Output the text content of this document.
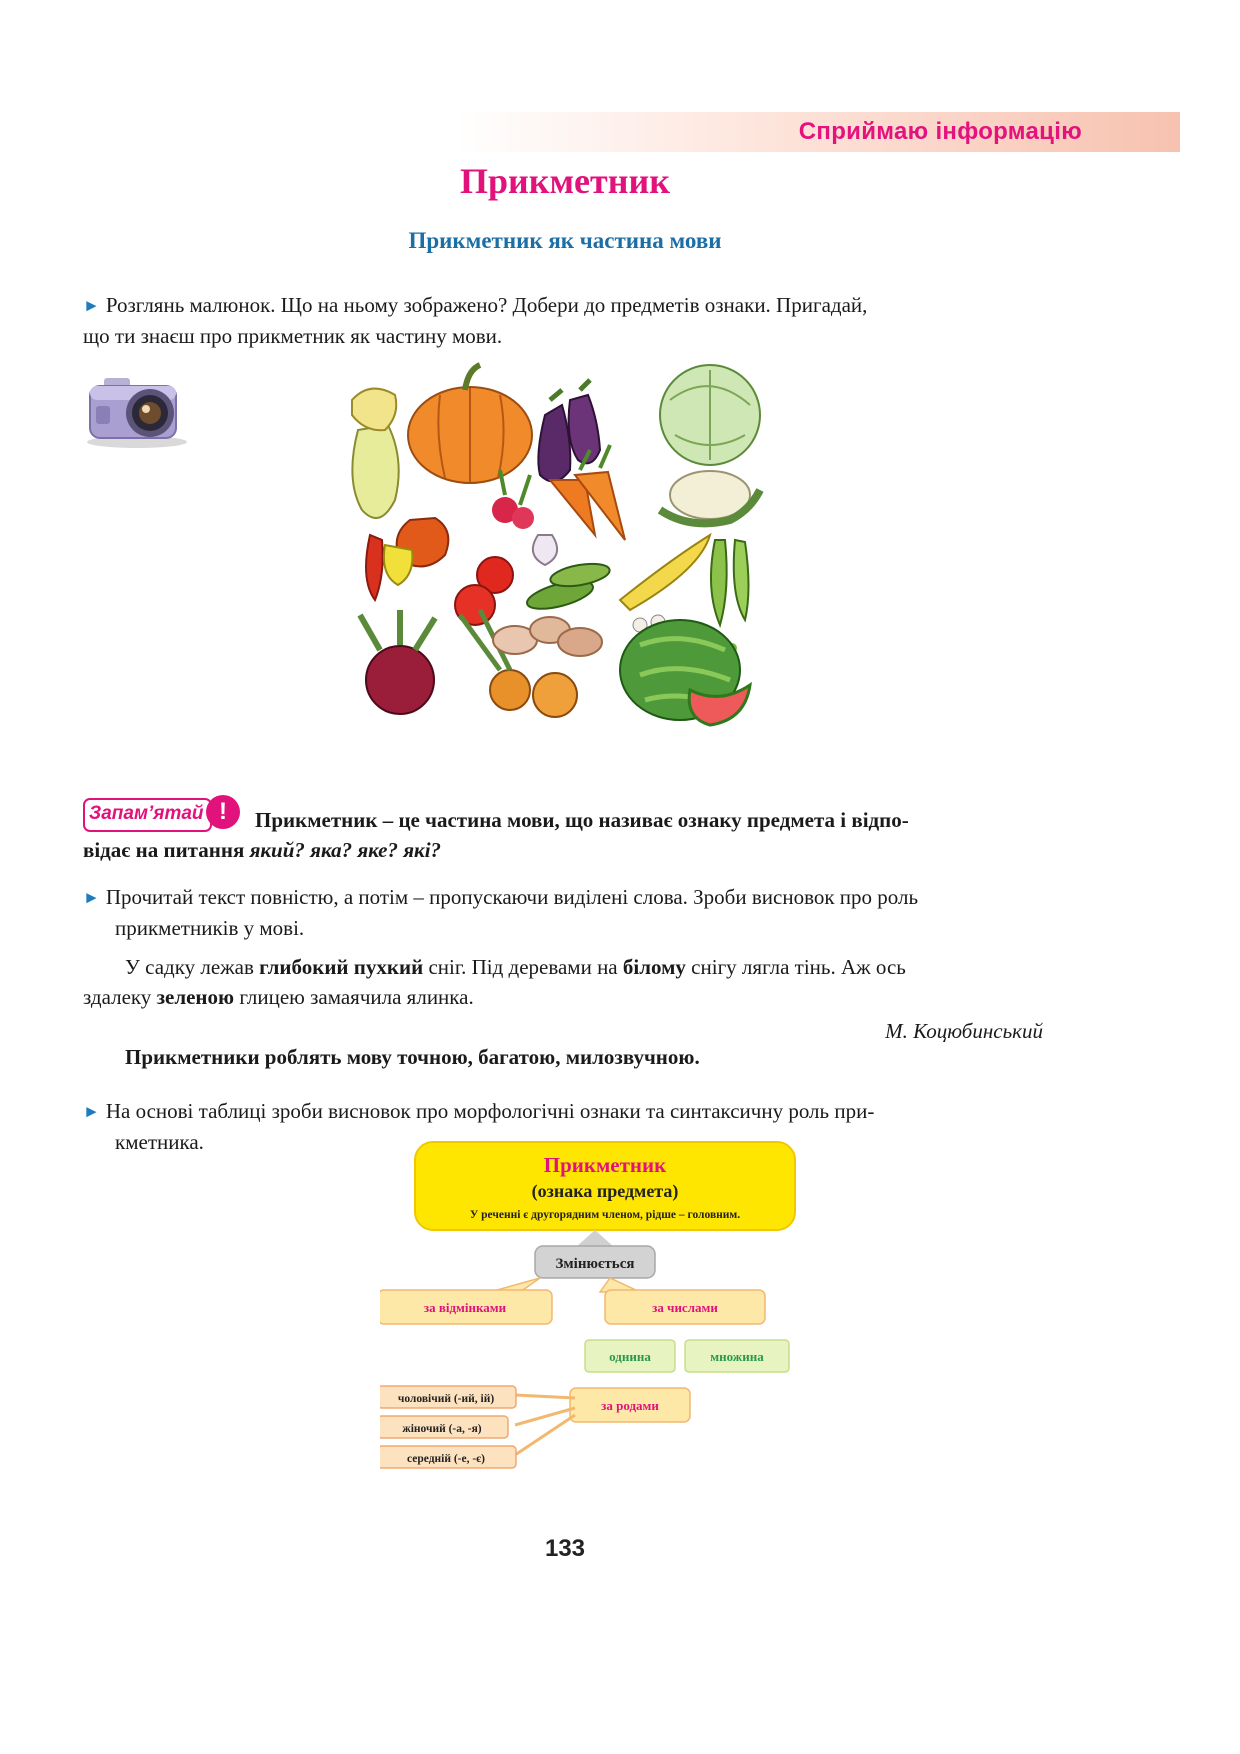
Сприймаю інформацію
Прикметник
Прикметник як частина мови
► Розглянь малюнок. Що на ньому зображено? Добери до предметів ознаки. Пригадай,
що ти знаєш про прикметник як частину мови.
Запам’ятай !	Прикметник – це частина мови, що називає ознаку предмета і відпо-
відає на питання який? яка? яке? які?
► Прочитай текст повністю, а потім – пропускаючи виділені слова. Зроби висновок про роль
прикметників у мові.
У садку лежав глибокий пухкий сніг. Під деревами на білому снігу лягла тінь. Аж ось
здалеку зеленою глицею замаячила ялинка.
М. Коцюбинський
Прикметники роблять мову точною, багатою, милозвучною.
► На основі таблиці зроби висновок про морфологічні ознаки та синтаксичну роль при-
кметника.
Прикметник
(ознака предмета)
У реченні є другорядним членом, рідше – головним.
Змінюється
за відмінками	за числами
однина	множина
за родами
чоловічий (-ий, ій)
жіночий (-а, -я)
середній (-е, -є)
133
